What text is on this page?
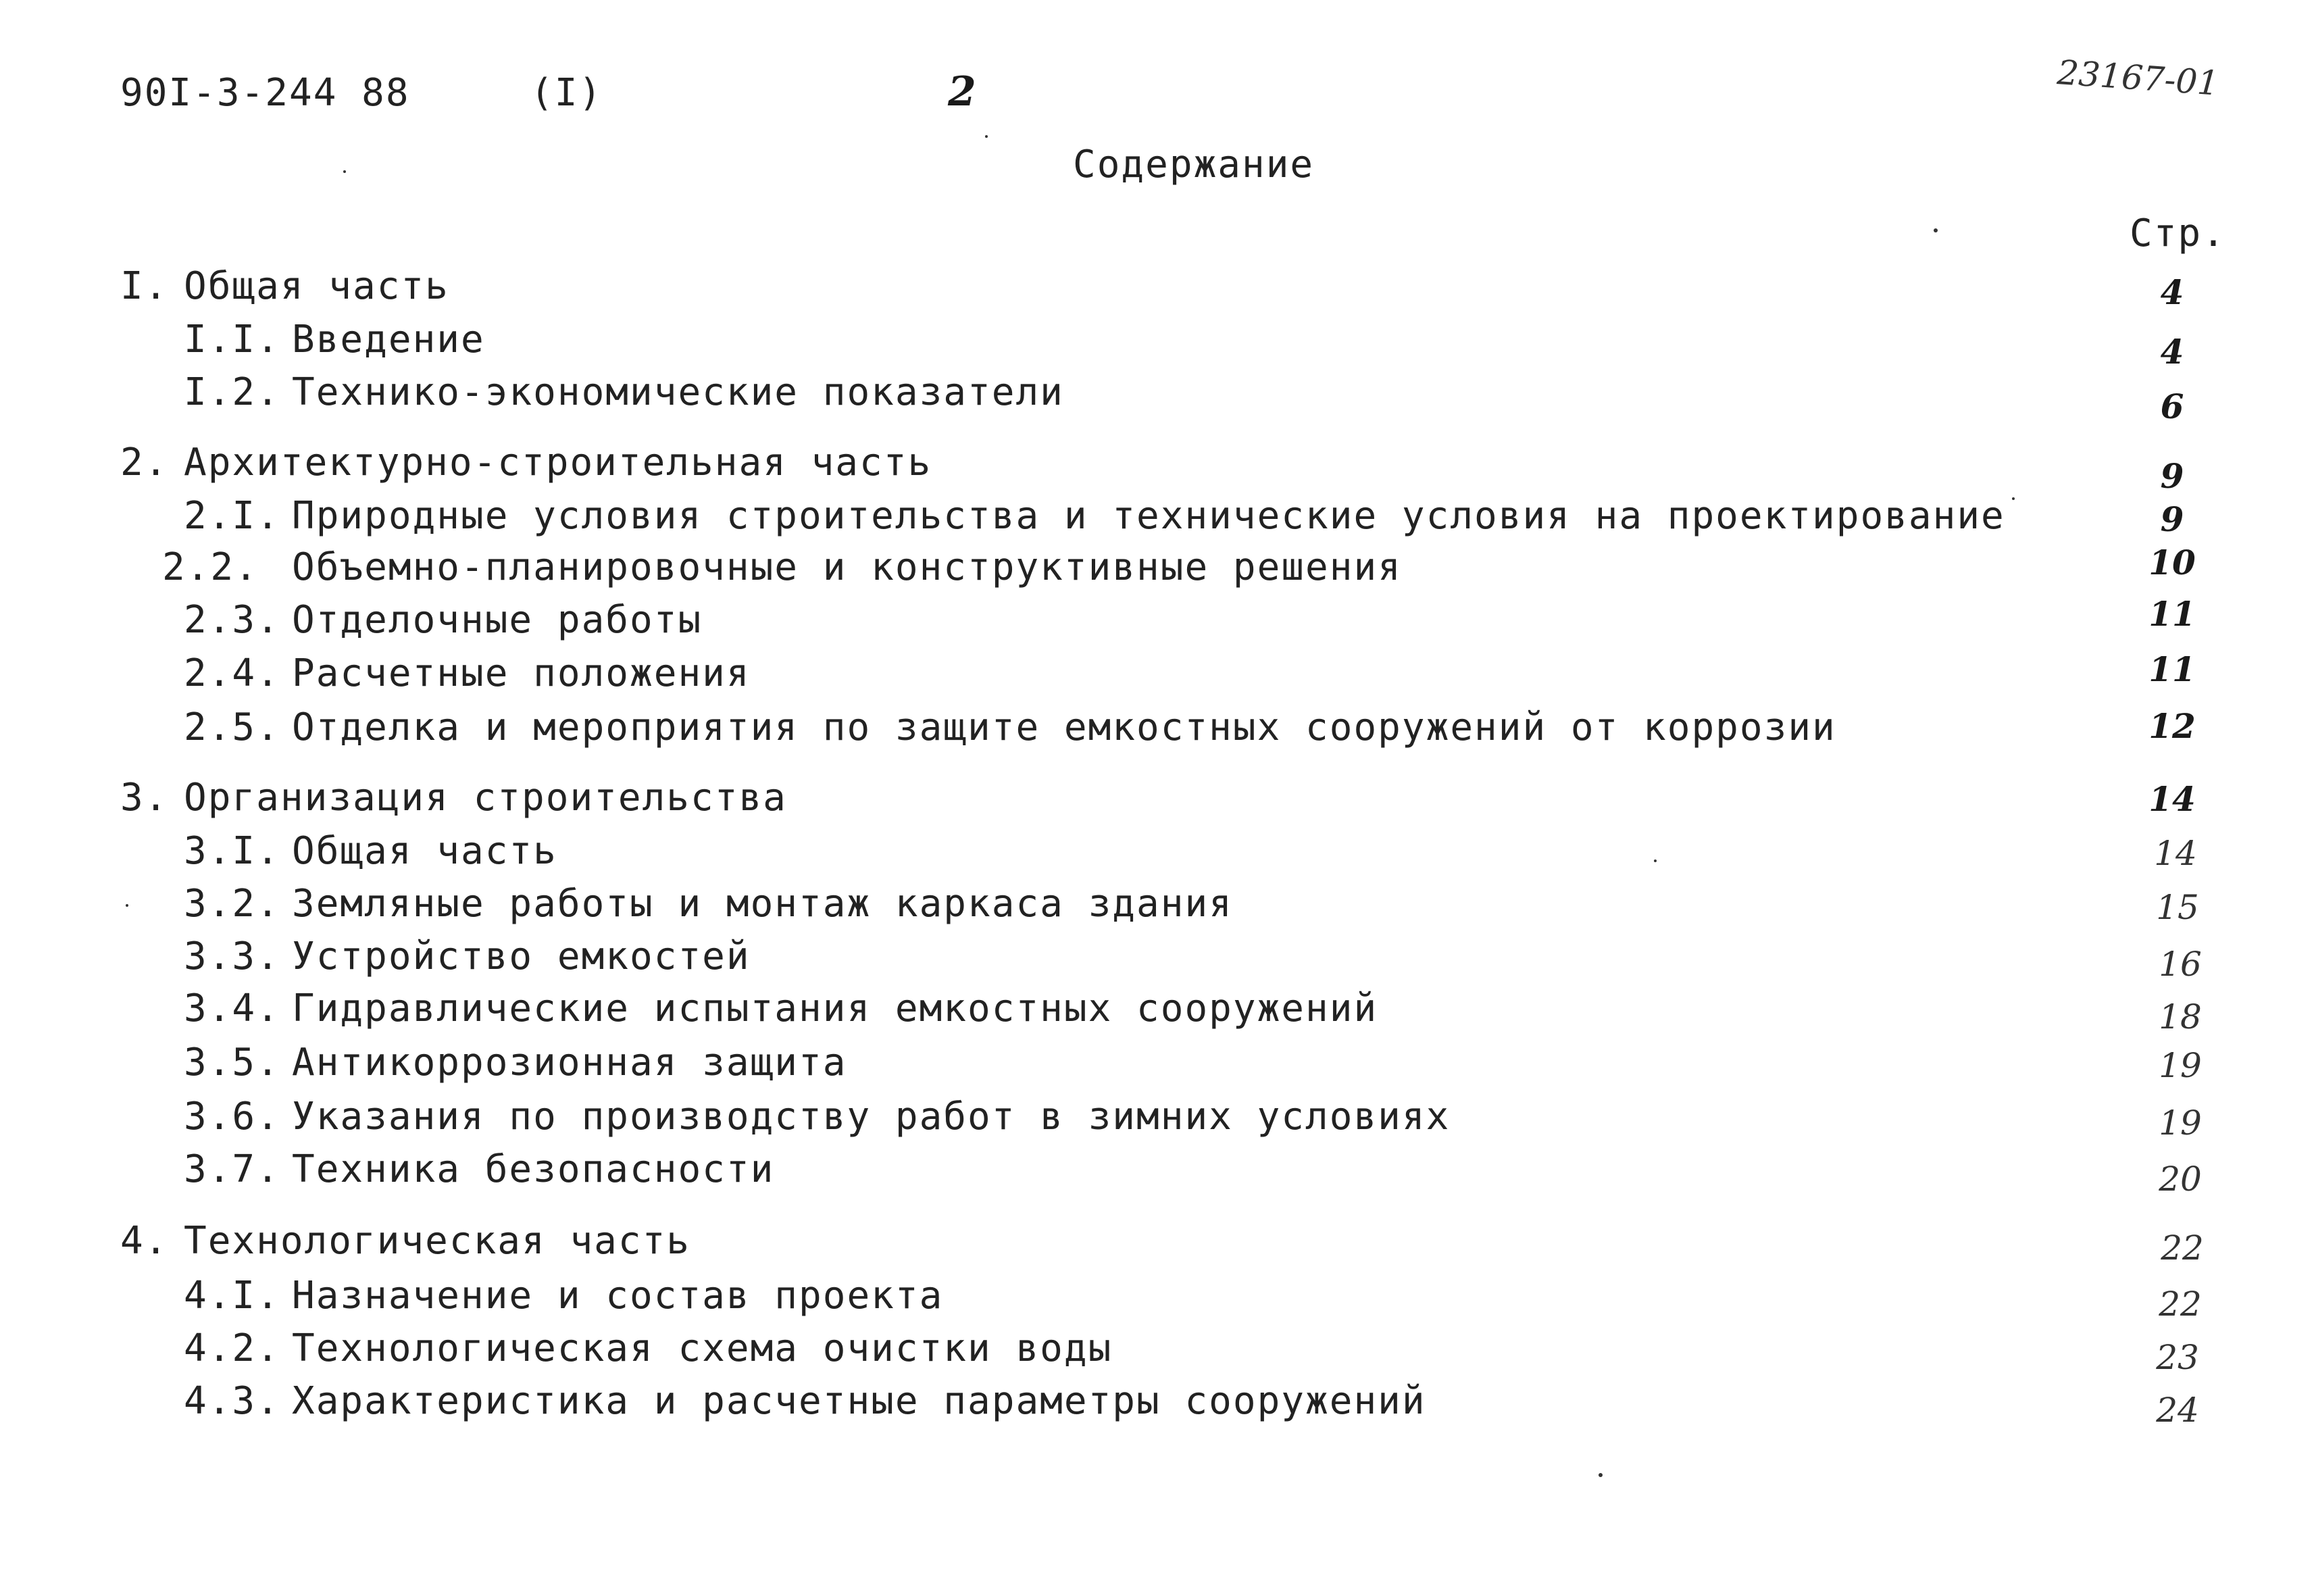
90I-3-244 88	(I)	2	23167-01
Содержание
Стр.
I. Общая часть	4
I.I. Введение	4
I.2. Технико-экономические показатели	6
2. Архитектурно-строительная часть	9
2.I. Природные условия строительства и технические условия на проектирование	9
2.2. Объемно-планировочные и конструктивные решения	10
2.3. Отделочные работы	11
2.4. Расчетные положения	11
2.5. Отделка и мероприятия по защите емкостных сооружений от коррозии	12
3. Организация строительства	14
3.I. Общая часть	14
3.2. Земляные работы и монтаж каркаса здания	15
3.3. Устройство емкостей	16
3.4. Гидравлические испытания емкостных сооружений	18
3.5. Антикоррозионная защита	19
3.6. Указания по производству работ в зимних условиях	19
3.7. Техника безопасности	20
4. Технологическая часть	22
4.I. Назначение и состав проекта	22
4.2. Технологическая схема очистки воды	23
4.3. Характеристика и расчетные параметры сооружений	24
